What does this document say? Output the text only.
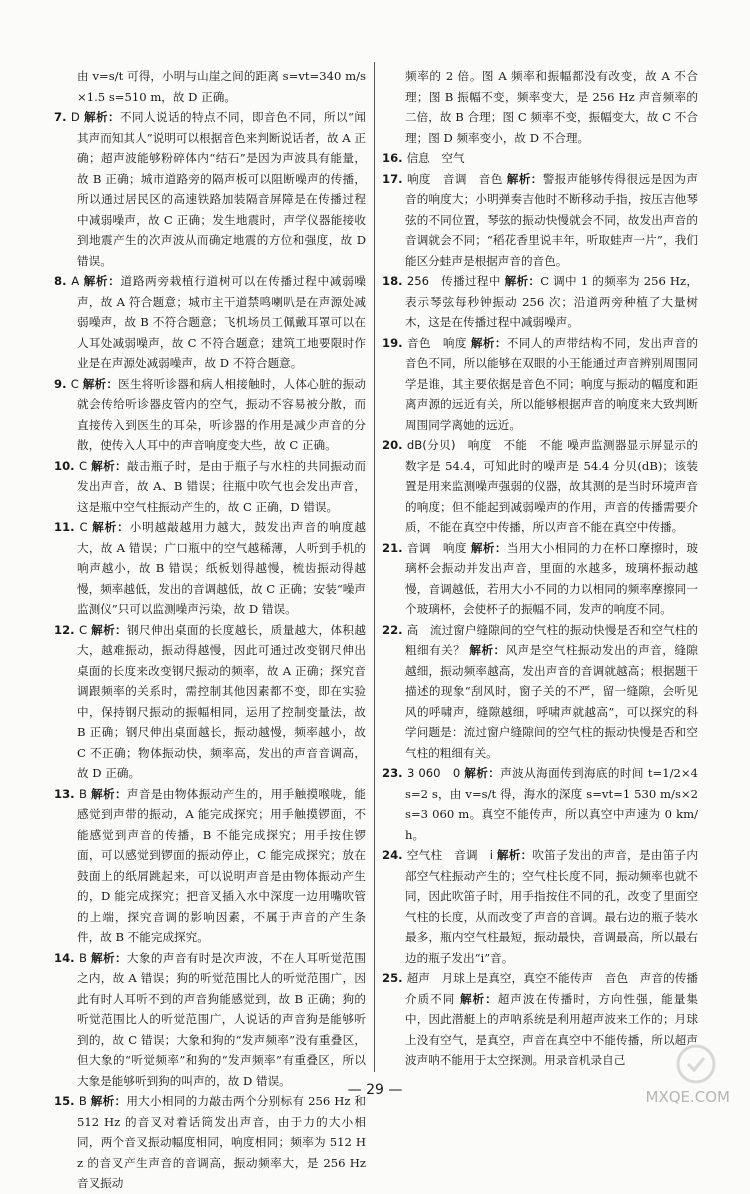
由 v=s/t 可得，小明与山崖之间的距离 s=vt=340 m/s×1.5 s=510 m，故 D 正确。

7. D 解析：不同人说话的特点不同，即音色不同，所以“闻其声而知其人”说明可以根据音色来判断说话者，故 A 正确；超声波能够粉碎体内“结石”是因为声波具有能量，故 B 正确；城市道路旁的隔声板可以阻断噪声的传播，所以通过居民区的高速铁路加装隔音屏障是在传播过程中减弱噪声，故 C 正确；发生地震时，声学仪器能接收到地震产生的次声波从而确定地震的方位和强度，故 D 错误。

8. A 解析：道路两旁栽植行道树可以在传播过程中减弱噪声，故 A 符合题意；城市主干道禁鸣喇叭是在声源处减弱噪声，故 B 不符合题意；飞机场员工佩戴耳罩可以在人耳处减弱噪声，故 C 不符合题意；建筑工地要限时作业是在声源处减弱噪声，故 D 不符合题意。

9. C 解析：医生将听诊器和病人相接触时，人体心脏的振动就会传给听诊器皮管内的空气，振动不容易被分散，而直接传入到医生的耳朵，听诊器的作用是减少声音的分散，使传入人耳中的声音响度变大些，故 C 正确。

10. C 解析：敲击瓶子时，是由于瓶子与水柱的共同振动而发出声音，故 A、B 错误；往瓶中吹气也会发出声音，这是瓶中空气柱振动产生的，故 C 正确，D 错误。

11. C 解析：小明越敲越用力越大，鼓发出声音的响度越大，故 A 错误；广口瓶中的空气越稀薄，人听到手机的响声越小，故 B 错误；纸板划得越慢，梳齿振动得越慢，频率越低，发出的音调越低，故 C 正确；安装“噪声监测仪”只可以监测噪声污染，故 D 错误。

12. C 解析：钢尺伸出桌面的长度越长，质量越大，体积越大，越难振动，振动得越慢，因此可通过改变钢尺伸出桌面的长度来改变钢尺振动的频率，故 A 正确；探究音调跟频率的关系时，需控制其他因素都不变，即在实验中，保持钢尺振动的振幅相同，运用了控制变量法，故 B 正确；钢尺伸出桌面越长，振动越慢，频率越小，故 C 不正确；物体振动快，频率高，发出的声音音调高，故 D 正确。

13. B 解析：声音是由物体振动产生的，用手触摸喉咙，能感觉到声带的振动，A 能完成探究；用手触摸锣面，不能感觉到声音的传播，B 不能完成探究；用手按住锣面，可以感觉到锣面的振动停止，C 能完成探究；放在鼓面上的纸屑跳起来，可以说明声音是由物体振动产生的，D 能完成探究；把音叉插入水中深度一边用嘴吹管的上端，探究音调的影响因素，不属于声音的产生条件，故 B 不能完成探究。

14. B 解析：大象的声音有时是次声波，不在人耳听觉范围之内，故 A 错误；狗的听觉范围比人的听觉范围广，因此有时人耳听不到的声音狗能感觉到，故 B 正确；狗的听觉范围比人的听觉范围广，人说话的声音狗是能够听到的，故 C 错误；大象和狗的“发声频率”没有重叠区，但大象的“听觉频率”和狗的“发声频率”有重叠区，所以大象是能够听到狗的叫声的，故 D 错误。

15. B 解析：用大小相同的力敲击两个分别标有 256 Hz 和 512 Hz 的音叉对着话筒发出声音，由于力的大小相同，两个音叉振动幅度相同，响度相同；频率为 512 Hz 的音叉产生声音的音调高，振动频率大，是 256 Hz 音叉振动

频率的 2 倍。图 A 频率和振幅都没有改变，故 A 不合理；图 B 振幅不变，频率变大，是 256 Hz 声音频率的二倍，故 B 合理；图 C 频率不变，振幅变大，故 C 不合理；图 D 频率变小，故 D 不合理。

16. 信息　空气

17. 响度　音调　音色 解析：警报声能够传得很远是因为声音的响度大；小明弹奏吉他时不断移动手指，按压吉他琴弦的不同位置，琴弦的振动快慢就会不同，故发出声音的音调就会不同；“稻花香里说丰年，听取蛙声一片”，我们能区分蛙声是根据声音的音色。

18. 256　传播过程中 解析：C 调中 1 的频率为 256 Hz，表示琴弦每秒钟振动 256 次；沿道两旁种植了大量树木，这是在传播过程中减弱噪声。

19. 音色　响度 解析：不同人的声带结构不同，发出声音的音色不同，所以能够在双眼的小王能通过声音辨别周围同学是谁，其主要依据是音色不同；响度与振动的幅度和距离声源的远近有关，所以能够根据声音的响度来大致判断周围同学离她的远近。

20. dB(分贝)　响度　不能　不能 噪声监测器显示屏显示的数字是 54.4，可知此时的噪声是 54.4 分贝(dB)；该装置是用来监测噪声强弱的仪器，故其测的是当时环境声音的响度；但不能起到减弱噪声的作用，声音的传播需要介质，不能在真空中传播，所以声音不能在真空中传播。

21. 音调　响度 解析：当用大小相同的力在杯口摩擦时，玻璃杯会振动并发出声音，里面的水越多，玻璃杯振动越慢，音调越低，若用大小不同的力以相同的频率摩擦同一个玻璃杯，会使杯子的振幅不同，发声的响度不同。

22. 高　流过窗户缝隙间的空气柱的振动快慢是否和空气柱的粗细有关？ 解析：风声是空气柱振动发出的声音，缝隙越细，振动频率越高，发出声音的音调就越高；根据题干描述的现象“刮风时，窗子关的不严，留一缝隙，会听见风的呼啸声，缝隙越细，呼啸声就越高”，可以探究的科学问题是：流过窗户缝隙间的空气柱的振动快慢是否和空气柱的粗细有关。

23. 3 060　0 解析：声波从海面传到海底的时间 t=1/2×4 s=2 s，由 v=s/t 得，海水的深度 s=vt=1 530 m/s×2 s=3 060 m。真空不能传声，所以真空中声速为 0 km/h。

24. 空气柱　音调　i 解析：吹笛子发出的声音，是由笛子内部空气柱振动产生的；空气柱长度不同，振动频率也就不同，因此吹笛子时，用手指按住不同的孔，改变了里面空气柱的长度，从而改变了声音的音调。最右边的瓶子装水最多，瓶内空气柱最短，振动最快，音调最高，所以最右边的瓶子发出“i”音。

25. 超声　月球上是真空，真空不能传声　音色　声音的传播介质不同 解析：超声波在传播时，方向性强，能量集中，因此潜艇上的声呐系统是利用超声波来工作的；月球上没有空气，是真空，声音在真空中不能传播，所以超声波声呐不能用于太空探测。用录音机录自己

— 29 —	MXQE.COM
